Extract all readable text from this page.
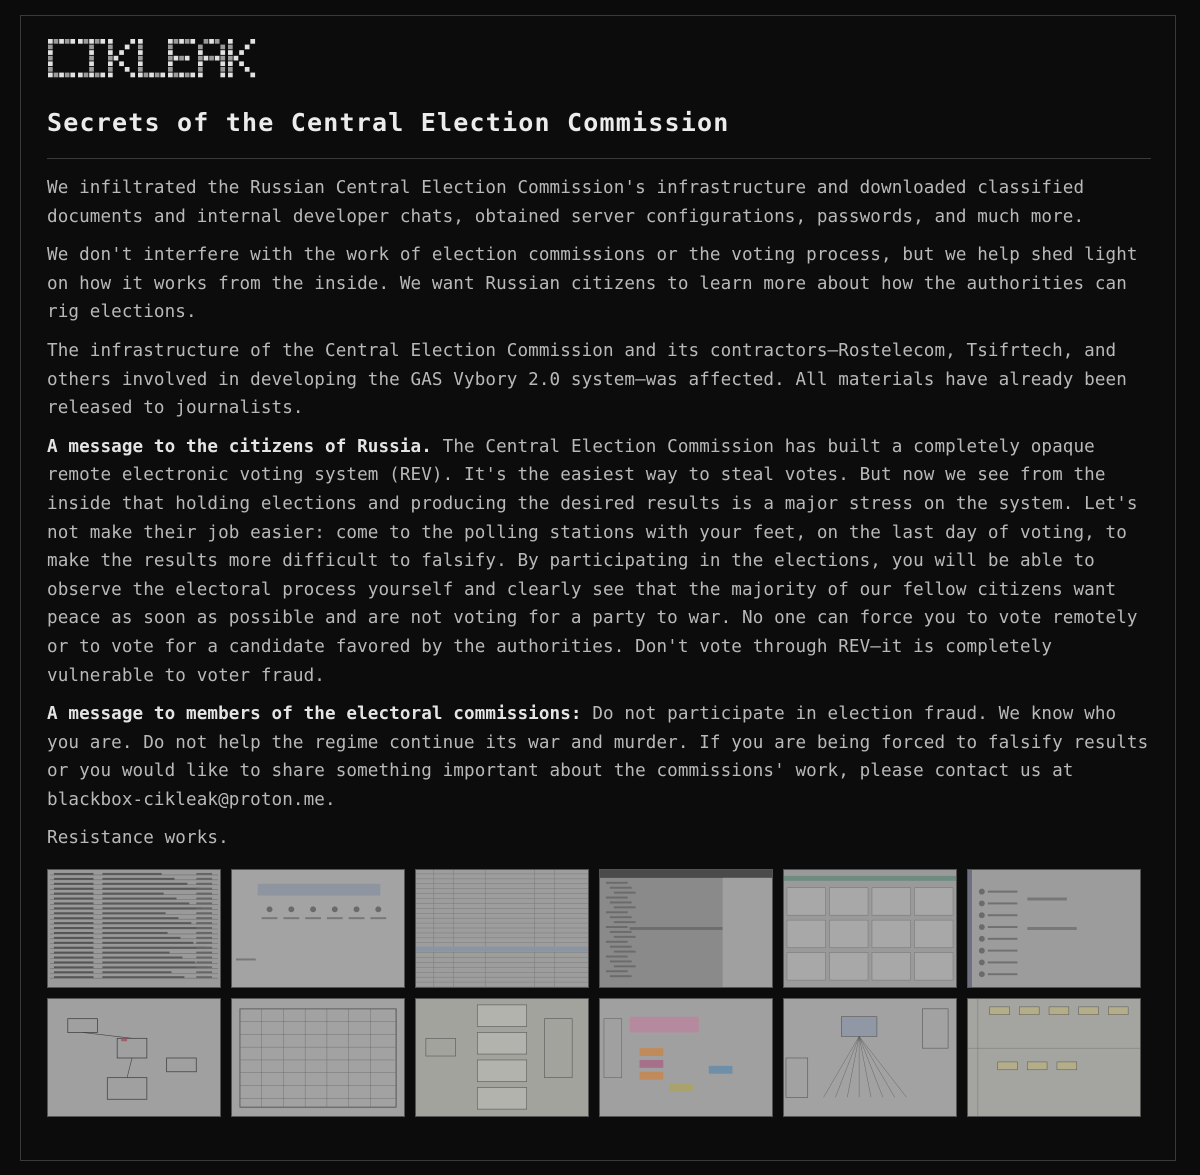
Secrets of the Central Election Commission

We infiltrated the Russian Central Election Commission's infrastructure and downloaded classified documents and internal developer chats, obtained server configurations, passwords, and much more.

We don't interfere with the work of election commissions or the voting process, but we help shed light on how it works from the inside. We want Russian citizens to learn more about how the authorities can rig elections.

The infrastructure of the Central Election Commission and its contractors—Rostelecom, Tsifrtech, and others involved in developing the GAS Vybory 2.0 system—was affected. All materials have already been released to journalists.

A message to the citizens of Russia. The Central Election Commission has built a completely opaque remote electronic voting system (REV). It's the easiest way to steal votes. But now we see from the inside that holding elections and producing the desired results is a major stress on the system. Let's not make their job easier: come to the polling stations with your feet, on the last day of voting, to make the results more difficult to falsify. By participating in the elections, you will be able to observe the electoral process yourself and clearly see that the majority of our fellow citizens want peace as soon as possible and are not voting for a party to war. No one can force you to vote remotely or to vote for a candidate favored by the authorities. Don't vote through REV—it is completely vulnerable to voter fraud.

A message to members of the electoral commissions: Do not participate in election fraud. We know who you are. Do not help the regime continue its war and murder. If you are being forced to falsify results or you would like to share something important about the commissions' work, please contact us at blackbox-cikleak@proton.me.

Resistance works.
